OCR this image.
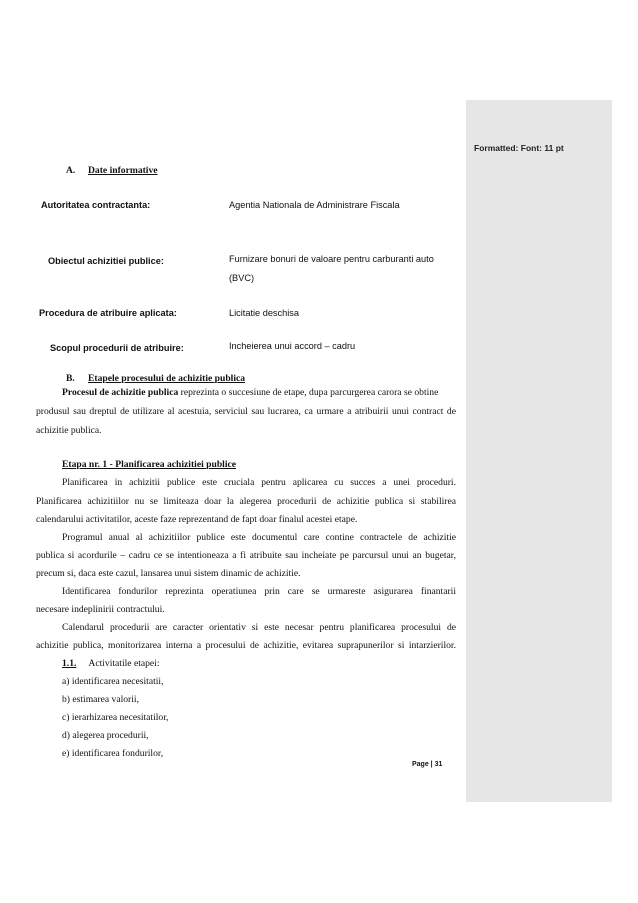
Formatted: Font: 11 pt
A. Date informative
Autoritatea contractanta:	Agentia Nationala de Administrare Fiscala
Obiectul achizitiei publice:	Furnizare bonuri de valoare pentru carburanti auto
(BVC)
Procedura de atribuire aplicata:	Licitatie deschisa
Scopul procedurii de atribuire:	Incheierea unui accord – cadru
B. Etapele procesului de achizitie publica
Procesul de achizitie publica reprezinta o succesiune de etape, dupa parcurgerea carora se obtine
produsul sau dreptul de utilizare al acestuia, serviciul sau lucrarea, ca urmare a atribuirii unui contract de
achizitie publica.
Etapa nr. 1 - Planificarea achizitiei publice
Planificarea in achizitii publice este cruciala pentru aplicarea cu succes a unei proceduri.
Planificarea achizitiilor nu se limiteaza doar la alegerea procedurii de achizitie publica si stabilirea
calendarului activitatilor, aceste faze reprezentand de fapt doar finalul acestei etape.
Programul anual al achizitiilor publice este documentul care contine contractele de achizitie
publica si acordurile – cadru ce se intentioneaza a fi atribuite sau incheiate pe parcursul unui an bugetar,
precum si, daca este cazul, lansarea unui sistem dinamic de achizitie.
Identificarea fondurilor reprezinta operatiunea prin care se urmareste asigurarea finantarii
necesare indeplinirii contractului.
Calendarul procedurii are caracter orientativ si este necesar pentru planificarea procesului de
achizitie publica, monitorizarea interna a procesului de achizitie, evitarea suprapunerilor si intarzierilor.
1.1. Activitatile etapei:
a) identificarea necesitatii,
b) estimarea valorii,
c) ierarhizarea necesitatilor,
d) alegerea procedurii,
e) identificarea fondurilor,
Page | 31
